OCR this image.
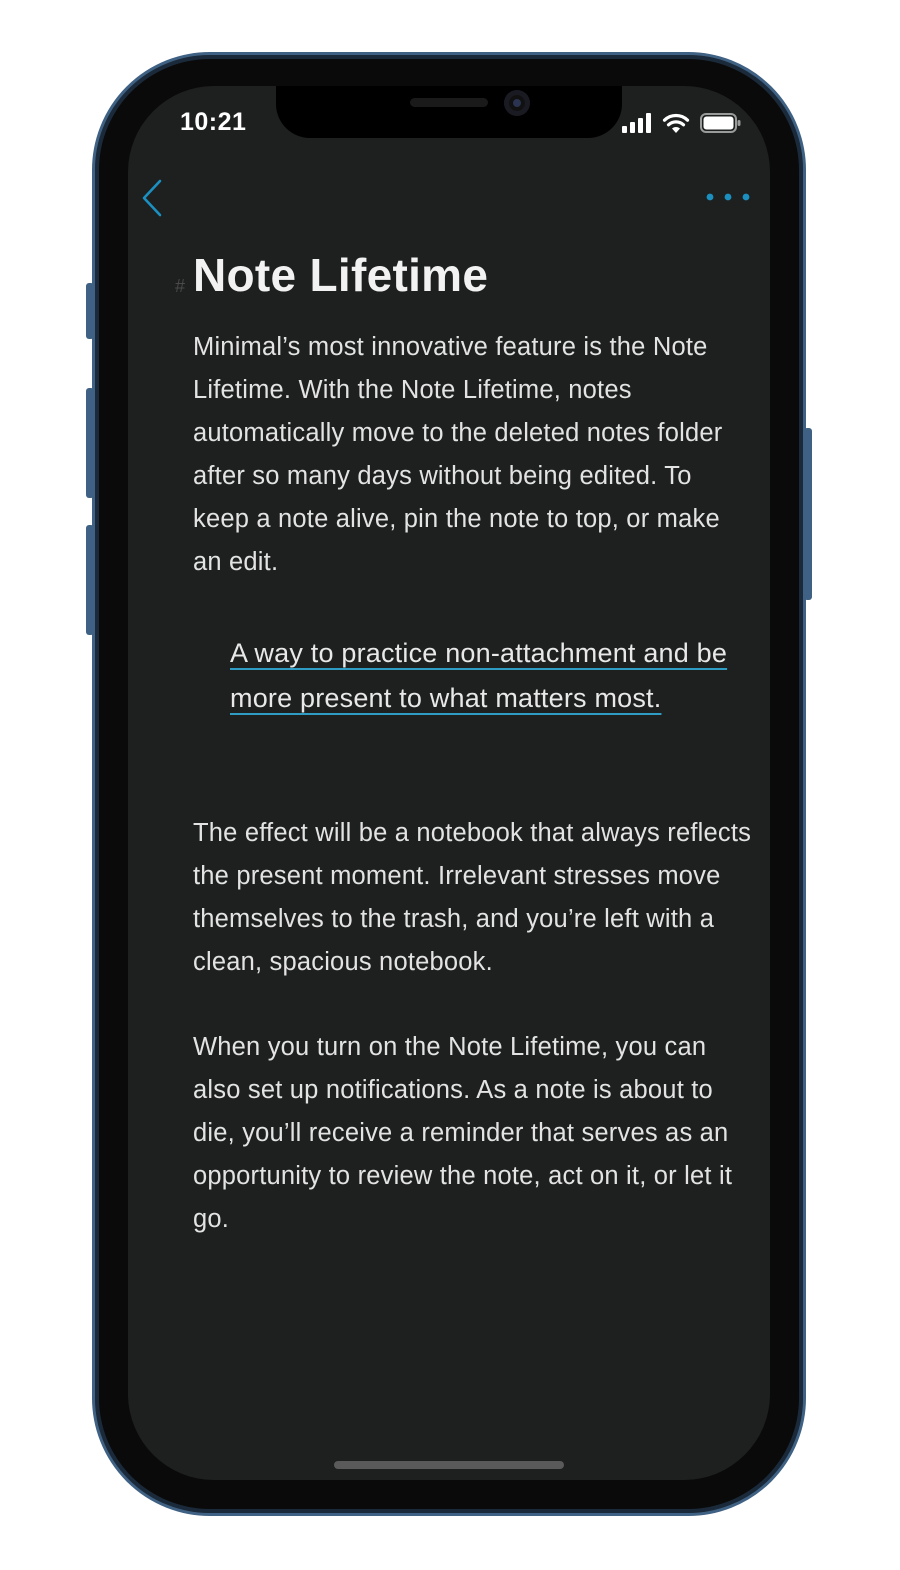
10:21
# Note Lifetime

Minimal’s most innovative feature is the Note Lifetime. With the Note Lifetime, notes automatically move to the deleted notes folder after so many days without being edited. To keep a note alive, pin the note to top, or make an edit.

A way to practice non-attachment and be more present to what matters most.

The effect will be a notebook that always reflects the present moment. Irrelevant stresses move themselves to the trash, and you’re left with a clean, spacious notebook.

When you turn on the Note Lifetime, you can also set up notifications. As a note is about to die, you’ll receive a reminder that serves as an opportunity to review the note, act on it, or let it go.
